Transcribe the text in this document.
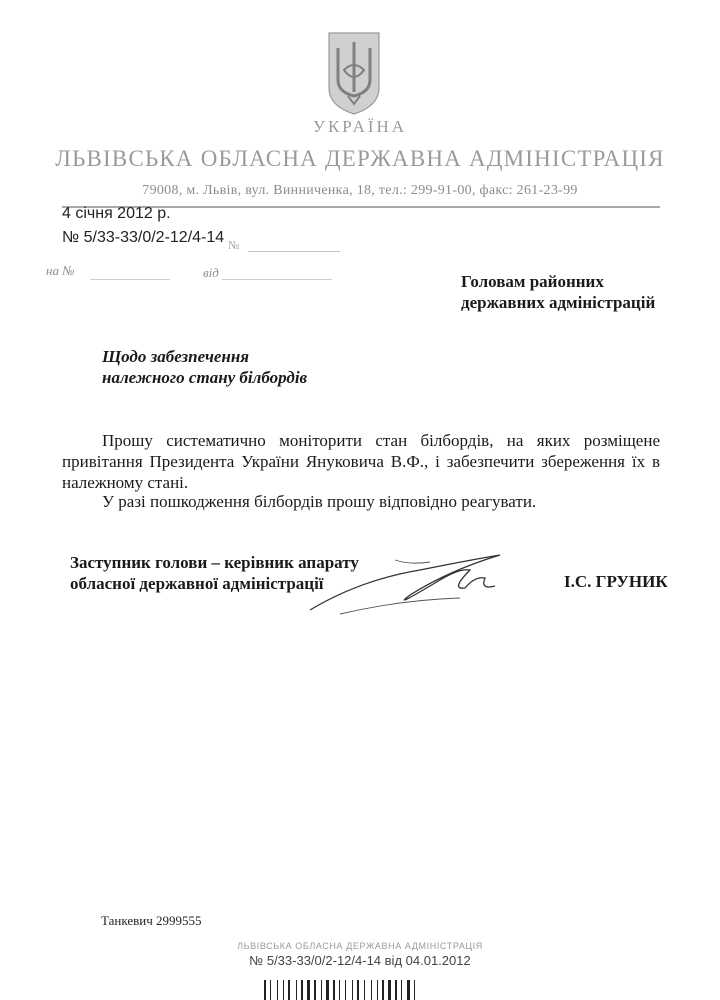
УКРАЇНА
ЛЬВІВСЬКА ОБЛАСНА ДЕРЖАВНА АДМІНІСТРАЦІЯ
79008, м. Львів, вул. Винниченка, 18, тел.: 299-91-00, факс: 261-23-99
4 січня 2012 р.
№ 5/33-33/0/2-12/4-14 №
на №	від	Головам районних
державних адміністрацій
Щодо забезпечення
належного стану білбордів

Прошу систематично моніторити стан білбордів, на яких розміщене привітання Президента України Януковича В.Ф., і забезпечити збереження їх в належному стані.

У разі пошкодження білбордів прошу відповідно реагувати.

Заступник голови – керівник апарату
обласної державної адміністрації	І.С. ГРУНИК
Танкевич 2999555
ЛЬВІВСЬКА ОБЛАСНА ДЕРЖАВНА АДМІНІСТРАЦІЯ
№ 5/33-33/0/2-12/4-14 від 04.01.2012
